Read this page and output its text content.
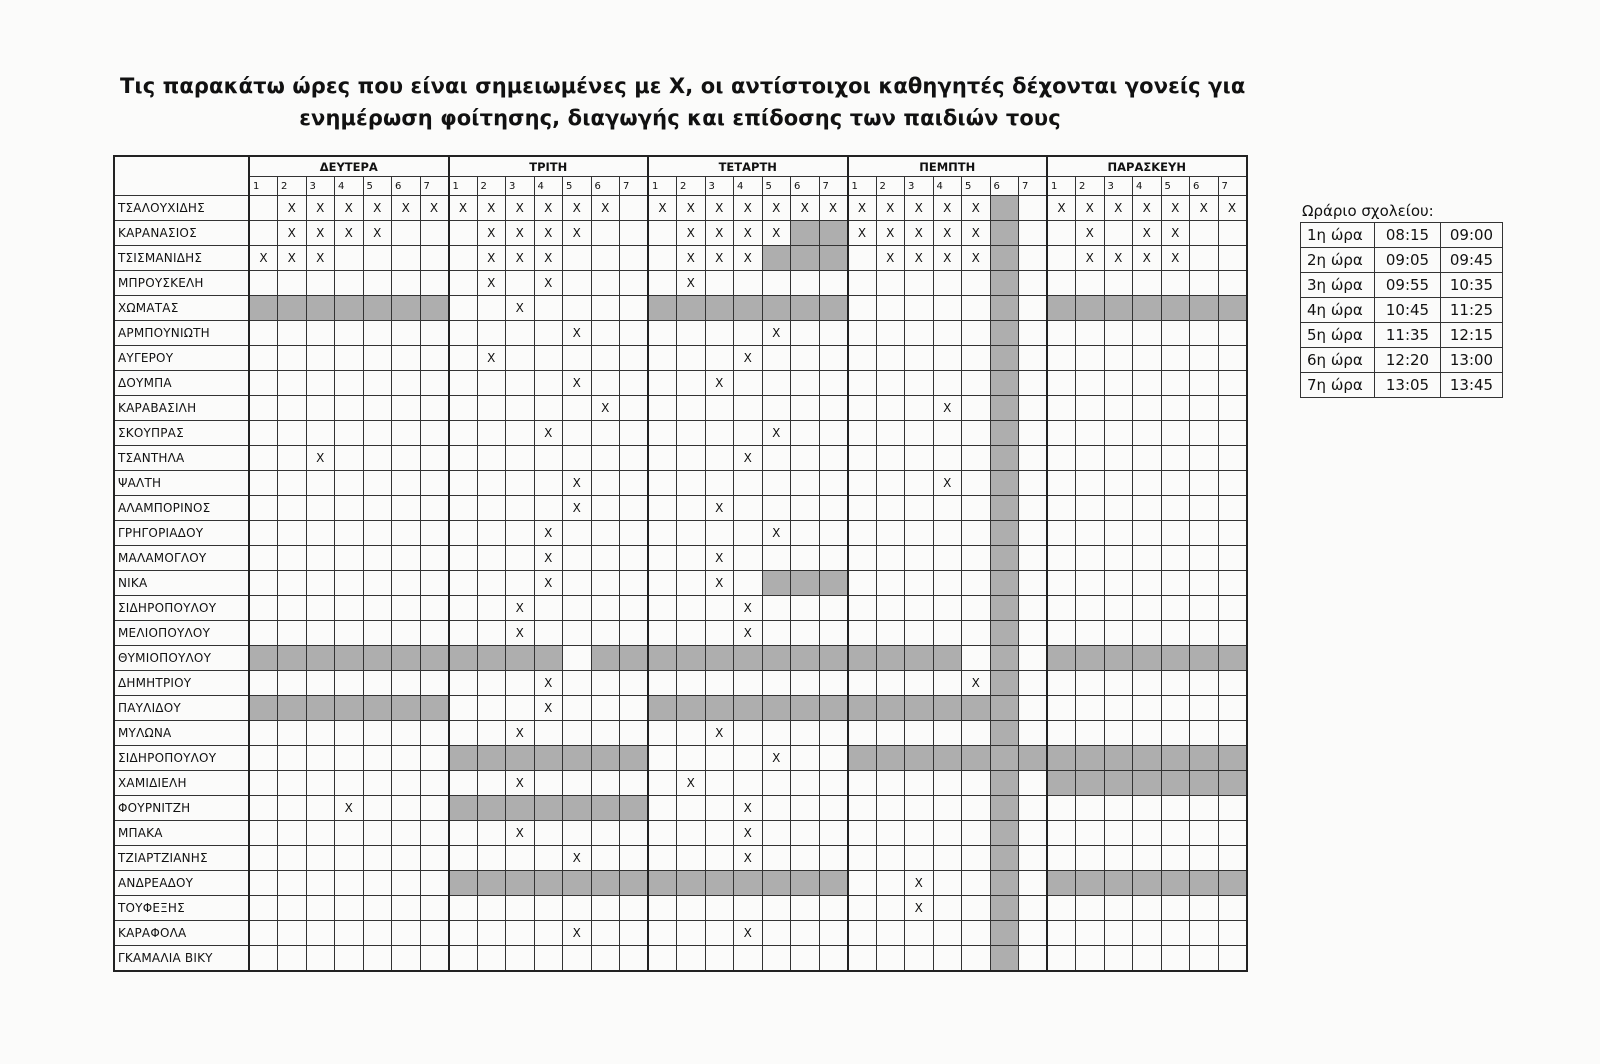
Τις παρακάτω ώρες που είναι σημειωμένες με Χ, οι αντίστοιχοι καθηγητές δέχονται γονείς για
ενημέρωση φοίτησης, διαγωγής και επίδοσης των παιδιών τους
	ΔΕΥΤΕΡΑ							ΤΡΙΤΗ							ΤΕΤΑΡΤΗ							ΠΕΜΠΤΗ							ΠΑΡΑΣΚΕΥΗ						
	1	2	3	4	5	6	7	1	2	3	4	5	6	7	1	2	3	4	5	6	7	1	2	3	4	5	6	7	1	2	3	4	5	6	7
ΤΣΑΛΟΥΧΙΔΗΣ		Χ	Χ	Χ	Χ	Χ	Χ	Χ	Χ	Χ	Χ	Χ	Χ		Χ	Χ	Χ	Χ	Χ	Χ	Χ	Χ	Χ	Χ	Χ	Χ			Χ	Χ	Χ	Χ	Χ	Χ	Χ
ΚΑΡΑΝΑΣΙΟΣ		Χ	Χ	Χ	Χ				Χ	Χ	Χ	Χ				Χ	Χ	Χ	Χ			Χ	Χ	Χ	Χ	Χ				Χ		Χ	Χ		
ΤΣΙΣΜΑΝΙΔΗΣ	Χ	Χ	Χ						Χ	Χ	Χ					Χ	Χ	Χ					Χ	Χ	Χ	Χ				Χ	Χ	Χ	Χ		
ΜΠΡΟΥΣΚΕΛΗ									Χ		Χ					Χ																			
ΧΩΜΑΤΑΣ										Χ																									
ΑΡΜΠΟΥΝΙΩΤΗ												Χ							Χ																
ΑΥΓΕΡΟΥ									Χ									Χ																	
ΔΟΥΜΠΑ												Χ					Χ																		
ΚΑΡΑΒΑΣΙΛΗ													Χ												Χ										
ΣΚΟΥΠΡΑΣ											Χ								Χ																
ΤΣΑΝΤΗΛΑ			Χ															Χ																	
ΨΑΛΤΗ												Χ													Χ										
ΑΛΑΜΠΟΡΙΝΟΣ												Χ					Χ																		
ΓΡΗΓΟΡΙΑΔΟΥ											Χ								Χ																
ΜΑΛΑΜΟΓΛΟΥ											Χ						Χ																		
ΝΙΚΑ											Χ						Χ																		
ΣΙΔΗΡΟΠΟΥΛΟΥ										Χ								Χ																	
ΜΕΛΙΟΠΟΥΛΟΥ										Χ								Χ																	
ΘΥΜΙΟΠΟΥΛΟΥ																																			
ΔΗΜΗΤΡΙΟΥ											Χ															Χ									
ΠΑΥΛΙΔΟΥ											Χ																								
ΜΥΛΩΝΑ										Χ							Χ																		
ΣΙΔΗΡΟΠΟΥΛΟΥ																			Χ																
ΧΑΜΙΔΙΕΛΗ										Χ						Χ																			
ΦΟΥΡΝΙΤΖΗ				Χ														Χ																	
ΜΠΑΚΑ										Χ								Χ																	
ΤΖΙΑΡΤΖΙΑΝΗΣ												Χ						Χ																	
ΑΝΔΡΕΑΔΟΥ																								Χ											
ΤΟΥΦΕΞΗΣ																								Χ											
ΚΑΡΑΦΟΛΑ												Χ						Χ																	
ΓΚΑΜΑΛΙΑ ΒΙΚΥ																																			
Ωράριο σχολείου:
1η ώρα	08:15	09:00
2η ώρα	09:05	09:45
3η ώρα	09:55	10:35
4η ώρα	10:45	11:25
5η ώρα	11:35	12:15
6η ώρα	12:20	13:00
7η ώρα	13:05	13:45
